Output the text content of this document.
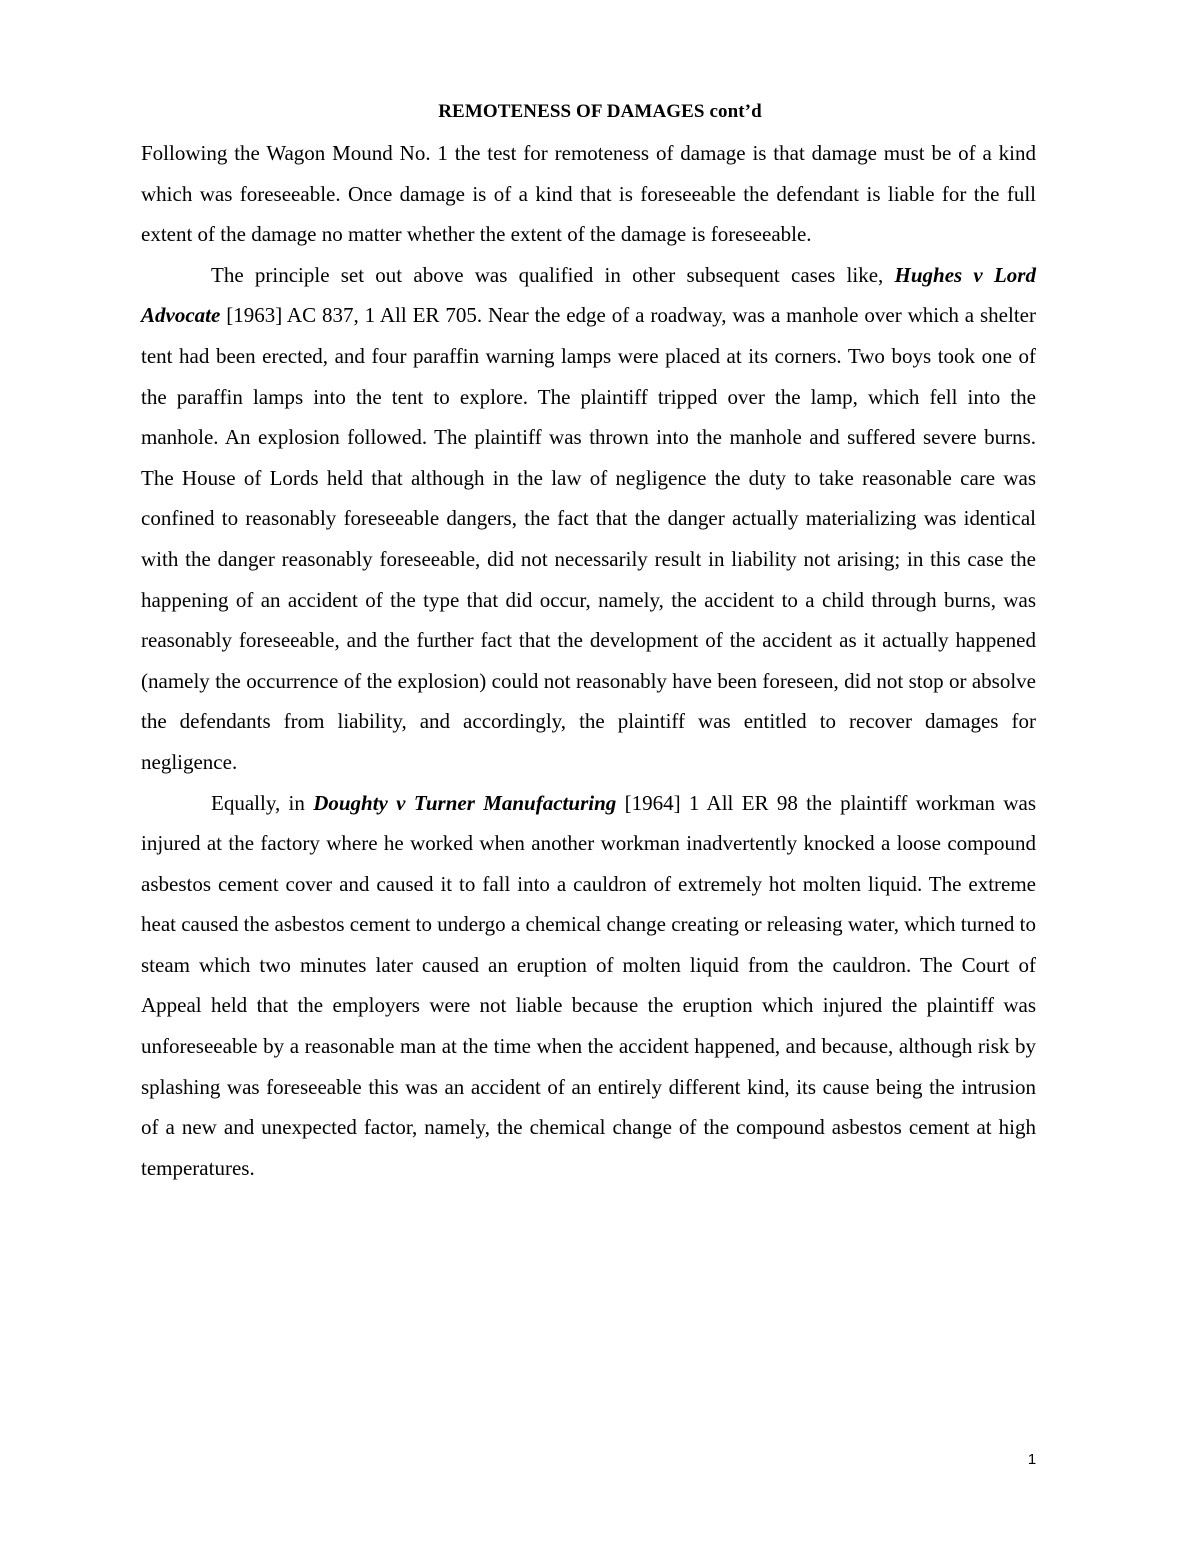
REMOTENESS OF DAMAGES cont’d

Following the Wagon Mound No. 1 the test for remoteness of damage is that damage must be of a kind which was foreseeable. Once damage is of a kind that is foreseeable the defendant is liable for the full extent of the damage no matter whether the extent of the damage is foreseeable.

The principle set out above was qualified in other subsequent cases like, Hughes v Lord Advocate [1963] AC 837, 1 All ER 705. Near the edge of a roadway, was a manhole over which a shelter tent had been erected, and four paraffin warning lamps were placed at its corners. Two boys took one of the paraffin lamps into the tent to explore. The plaintiff tripped over the lamp, which fell into the manhole. An explosion followed. The plaintiff was thrown into the manhole and suffered severe burns. The House of Lords held that although in the law of negligence the duty to take reasonable care was confined to reasonably foreseeable dangers, the fact that the danger actually materializing was identical with the danger reasonably foreseeable, did not necessarily result in liability not arising; in this case the happening of an accident of the type that did occur, namely, the accident to a child through burns, was reasonably foreseeable, and the further fact that the development of the accident as it actually happened (namely the occurrence of the explosion) could not reasonably have been foreseen, did not stop or absolve the defendants from liability, and accordingly, the plaintiff was entitled to recover damages for negligence.

Equally, in Doughty v Turner Manufacturing [1964] 1 All ER 98 the plaintiff workman was injured at the factory where he worked when another workman inadvertently knocked a loose compound asbestos cement cover and caused it to fall into a cauldron of extremely hot molten liquid. The extreme heat caused the asbestos cement to undergo a chemical change creating or releasing water, which turned to steam which two minutes later caused an eruption of molten liquid from the cauldron. The Court of Appeal held that the employers were not liable because the eruption which injured the plaintiff was unforeseeable by a reasonable man at the time when the accident happened, and because, although risk by splashing was foreseeable this was an accident of an entirely different kind, its cause being the intrusion of a new and unexpected factor, namely, the chemical change of the compound asbestos cement at high temperatures.

1
